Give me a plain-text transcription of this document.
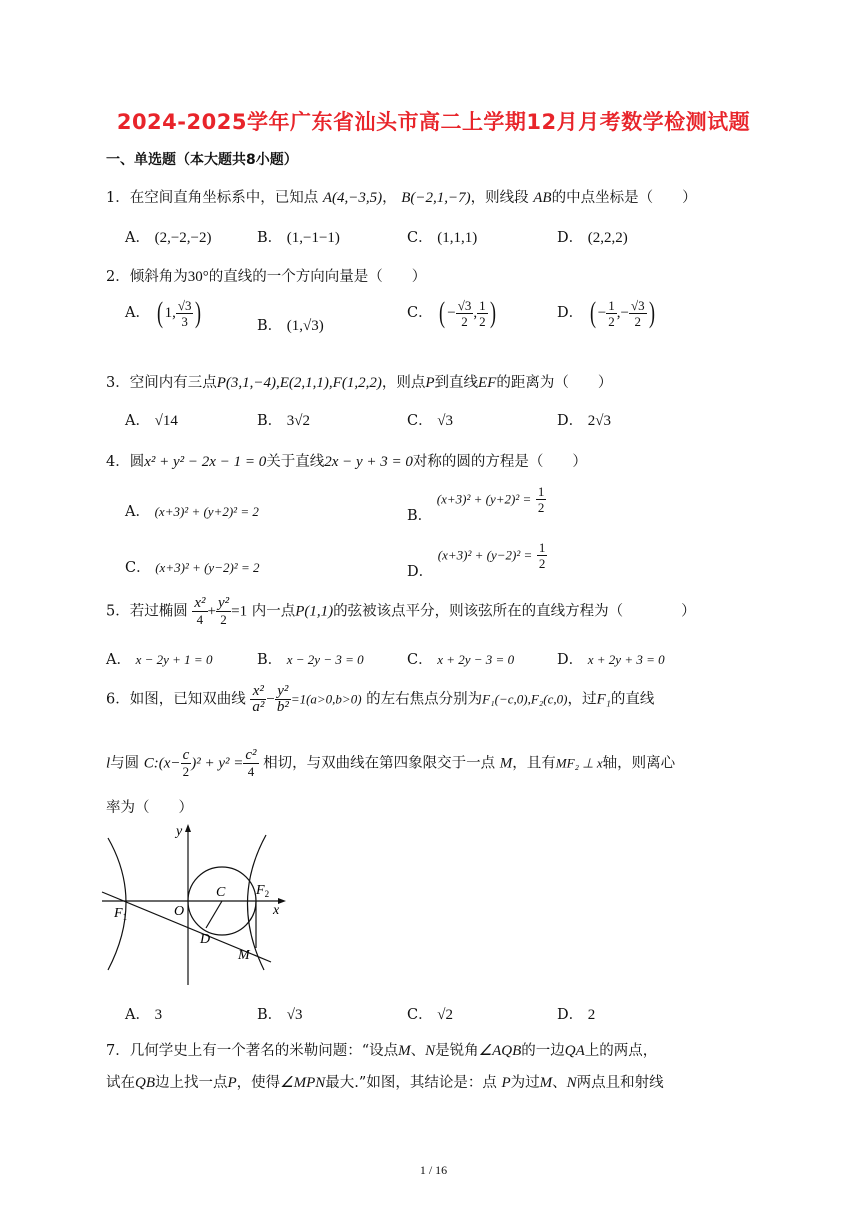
2024-2025学年广东省汕头市高二上学期12月月考数学检测试题
一、单选题（本大题共8小题）
1．在空间直角坐标系中，已知点 A(4,−3,5)， B(−2,1,−7)，则线段 AB的中点坐标是（　　）
A． (2,−2,−2)	B． (1,−1−1)	C． (1,1,1)	D． (2,2,2)
2．倾斜角为30°的直线的一个方向向量是（　　）
A． ( 1, $\frac{√3}{3}$ )	B． (1,√3)
C． ( − $\frac{√3}{2}$ , $\frac{1}{2}$ )	D． ( − $\frac{1}{2}$ ,− $\frac{√3}{2}$ )
3．空间内有三点P(3,1,−4),E(2,1,1),F(1,2,2)，则点P到直线EF的距离为（　　）
A． √14	B． 3√2	C． √3	D． 2√3
4．圆x² + y² − 2x − 1 = 0关于直线2x − y + 3 = 0对称的圆的方程是（　　）
A． (x+3)² + (y+2)² = 2	B． $(x+3)^2 + (y+2)^2 = \frac{1}{2}$
C． (x+3)² + (y−2)² = 2	D． $(x+3)^2 + (y-2)^2 = \frac{1}{2}$
5．若过椭圆 $\frac{\text{x²}}{4} + \frac{\text{y²}}{2} =1$ 内一点P(1,1)的弦被该点平分，则该弦所在的直线方程为（　　　　）
A． x − 2y + 1 = 0	B． x − 2y − 3 = 0	C． x + 2y − 3 = 0	D． x + 2y + 3 = 0
6．如图，已知双曲线 $\frac{\text{x²}}{\text{a²}} - \frac{\text{y²}}{\text{b²}} =1(a>0,b>0)$ 的左右焦点分别为F₁(−c,0),F₂(c,0)，过F₁的直线
l与圆 C:(x− $\frac{c}{2} )^2 + y^2 = \frac{\text{c²}}{4}$ 相切，与双曲线在第四象限交于一点 M，且有MF₂ ⊥ x轴，则离心
率为（　　）
y
x
$F_1$
$F_2$
O
C
D
M
A． 3	B． √3	C． √2	D． 2
7．几何学史上有一个著名的米勒问题：“设点M、N是锐角∠AQB的一边QA上的两点，
试在QB边上找一点P，使得∠MPN最大.”如图，其结论是：点 P为过M、N两点且和射线
1 / 16
